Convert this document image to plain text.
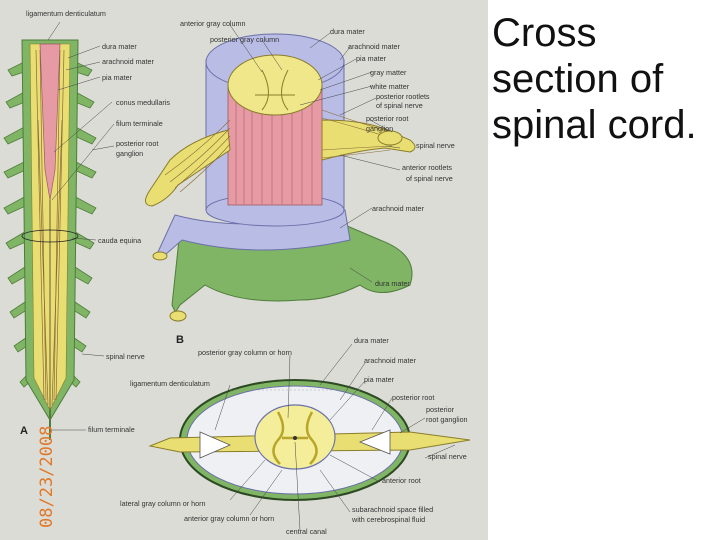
ligamentum denticulatum
dura mater
arachnoid mater
pia mater
conus medullaris
filum terminale
posterior root
ganglion
cauda equina
spinal nerve
filum terminale
A
anterior gray column
posterior gray column
dura mater
arachnoid mater
pia mater
gray matter
white matter
posterior rootlets
of spinal nerve
posterior root
ganglion
spinal nerve
anterior rootlets
of spinal nerve
arachnoid mater
dura mater
B	dura mater
posterior gray column or horn
arachnoid mater
ligamentum denticulatum	pia mater
posterior root
posterior
root ganglion
spinal nerve
anterior root
lateral gray column or horn
anterior gray column or horn
subarachnoid space filled
with cerebrospinal fluid
central canal
08/23/2008
Cross
section of
spinal cord.
